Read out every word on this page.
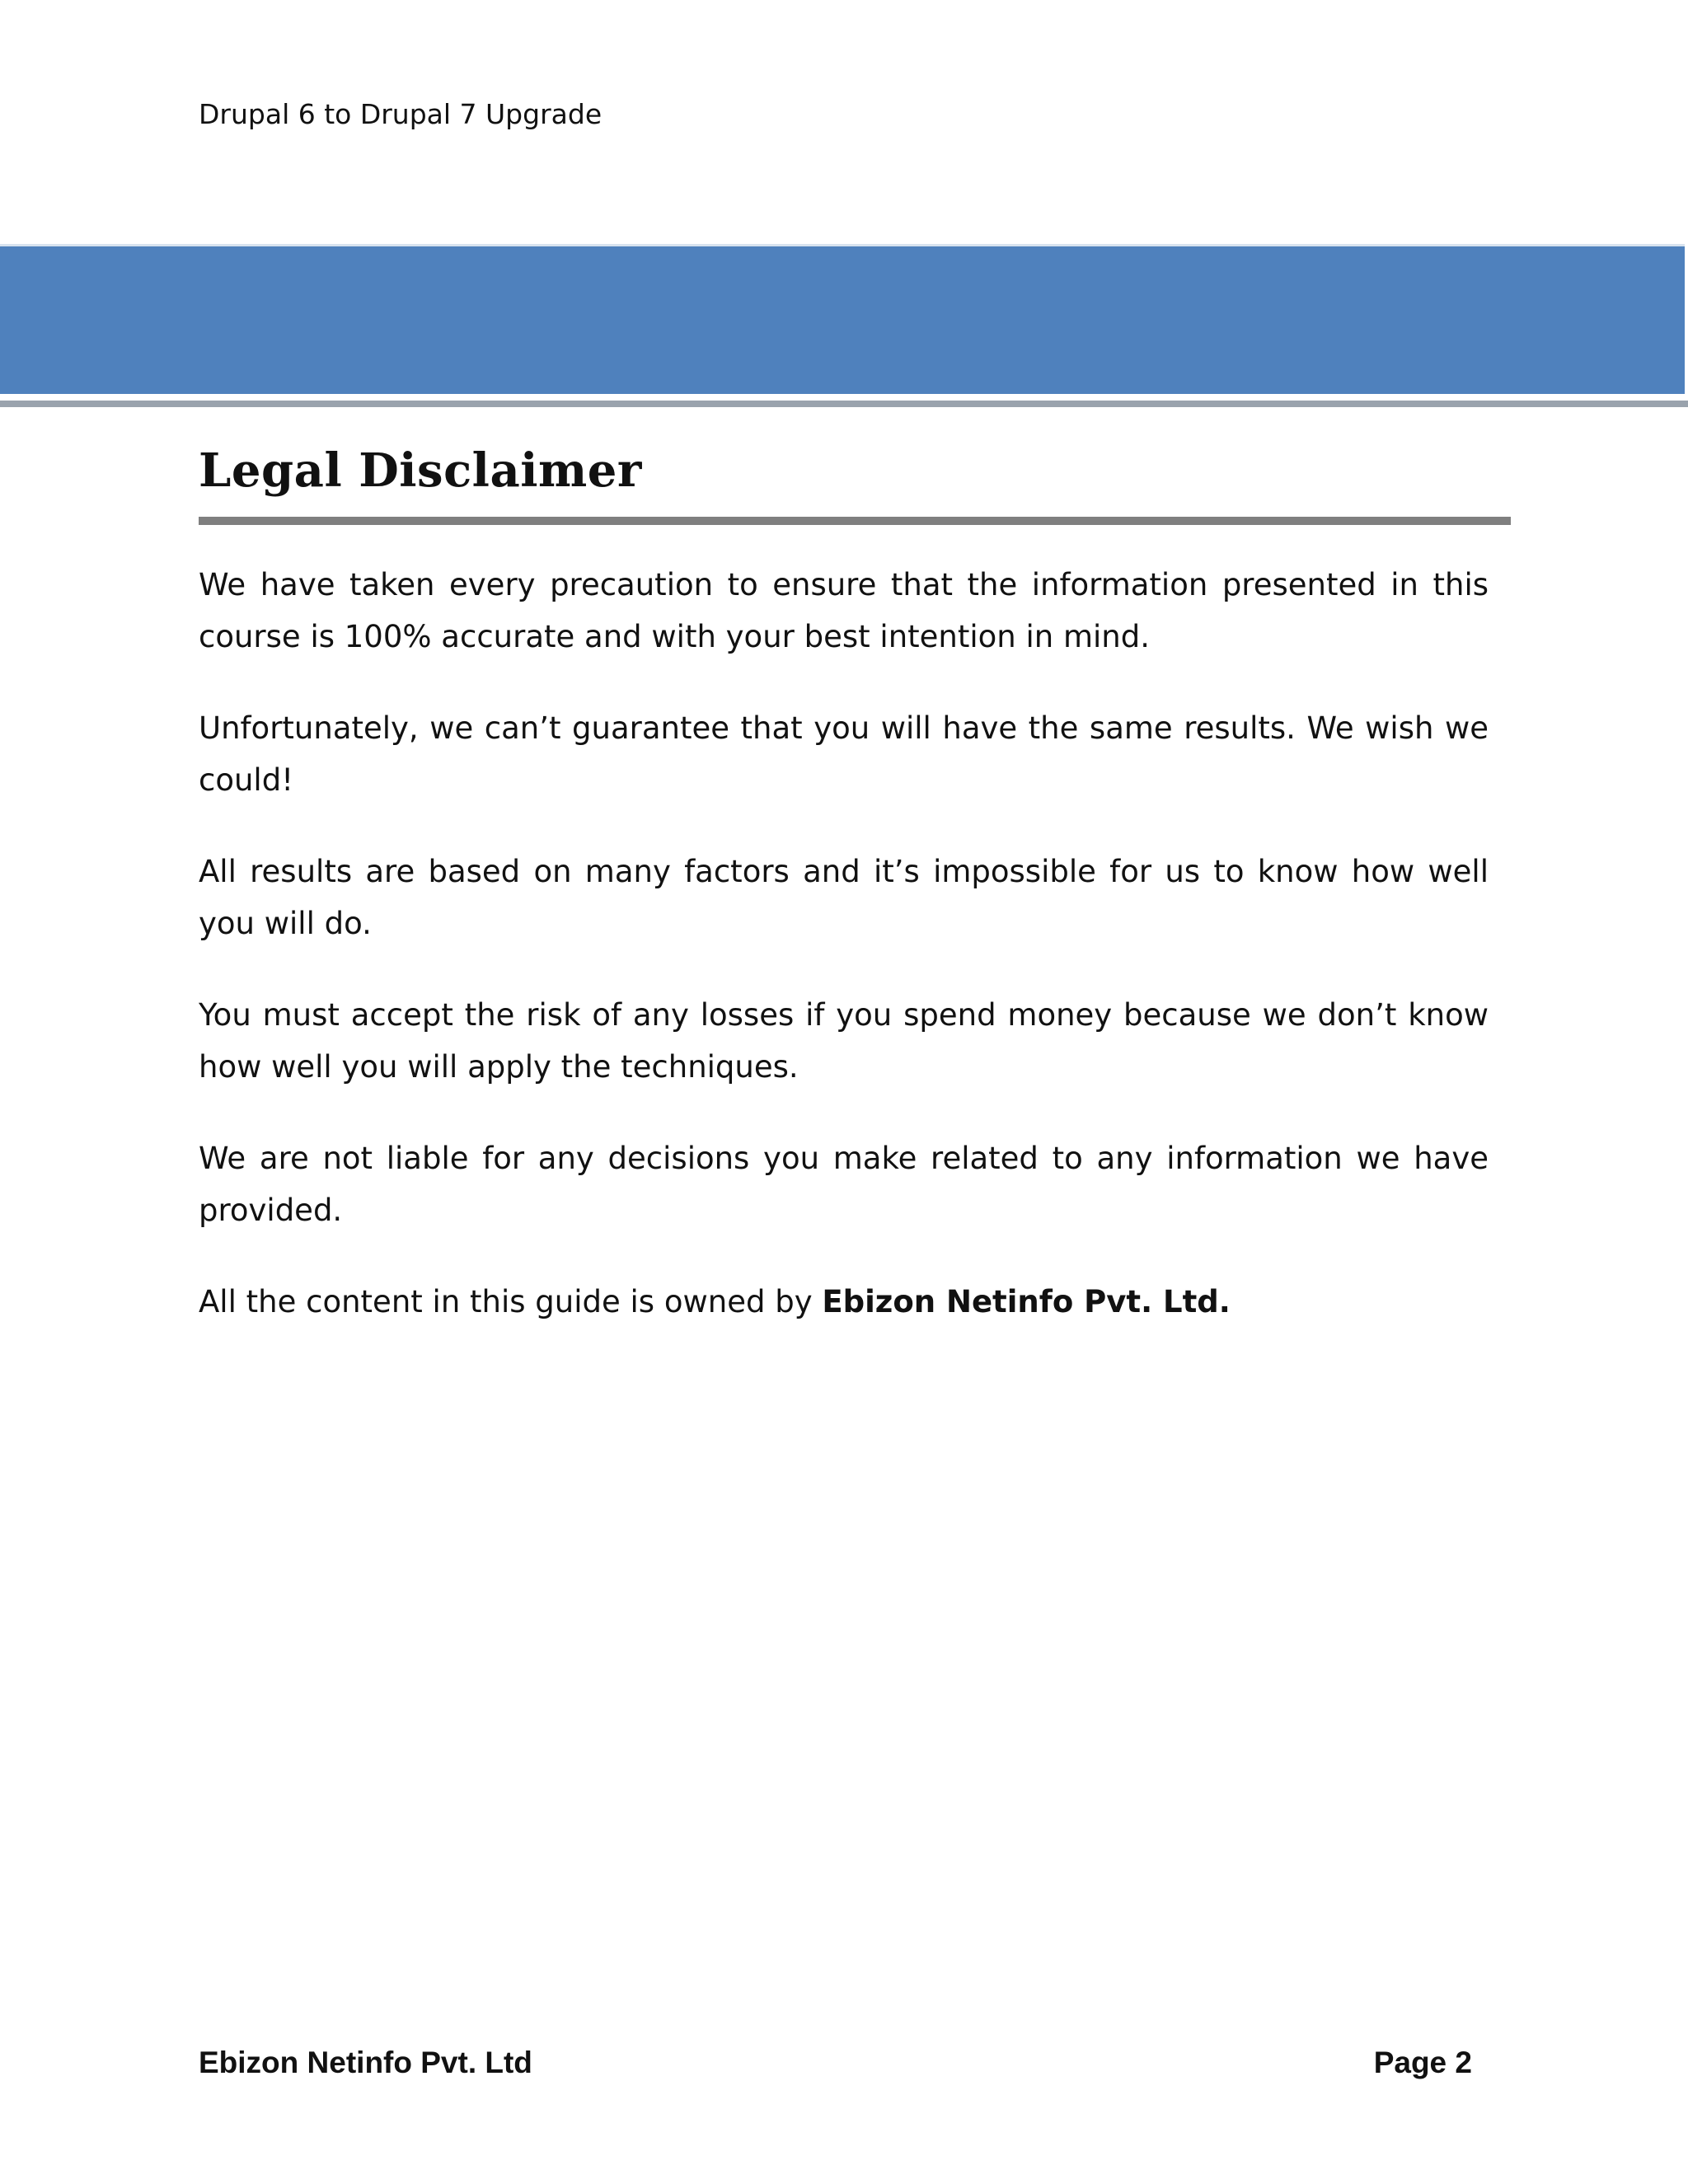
Drupal 6 to Drupal 7 Upgrade
Legal Disclaimer

We have taken every precaution to ensure that the information presented in this course is 100% accurate and with your best intention in mind.

Unfortunately, we can’t guarantee that you will have the same results. We wish we could!

All results are based on many factors and it’s impossible for us to know how well you will do.

You must accept the risk of any losses if you spend money because we don’t know how well you will apply the techniques.

We are not liable for any decisions you make related to any information we have provided.

All the content in this guide is owned by Ebizon Netinfo Pvt. Ltd.

Ebizon Netinfo Pvt. Ltd	Page 2
